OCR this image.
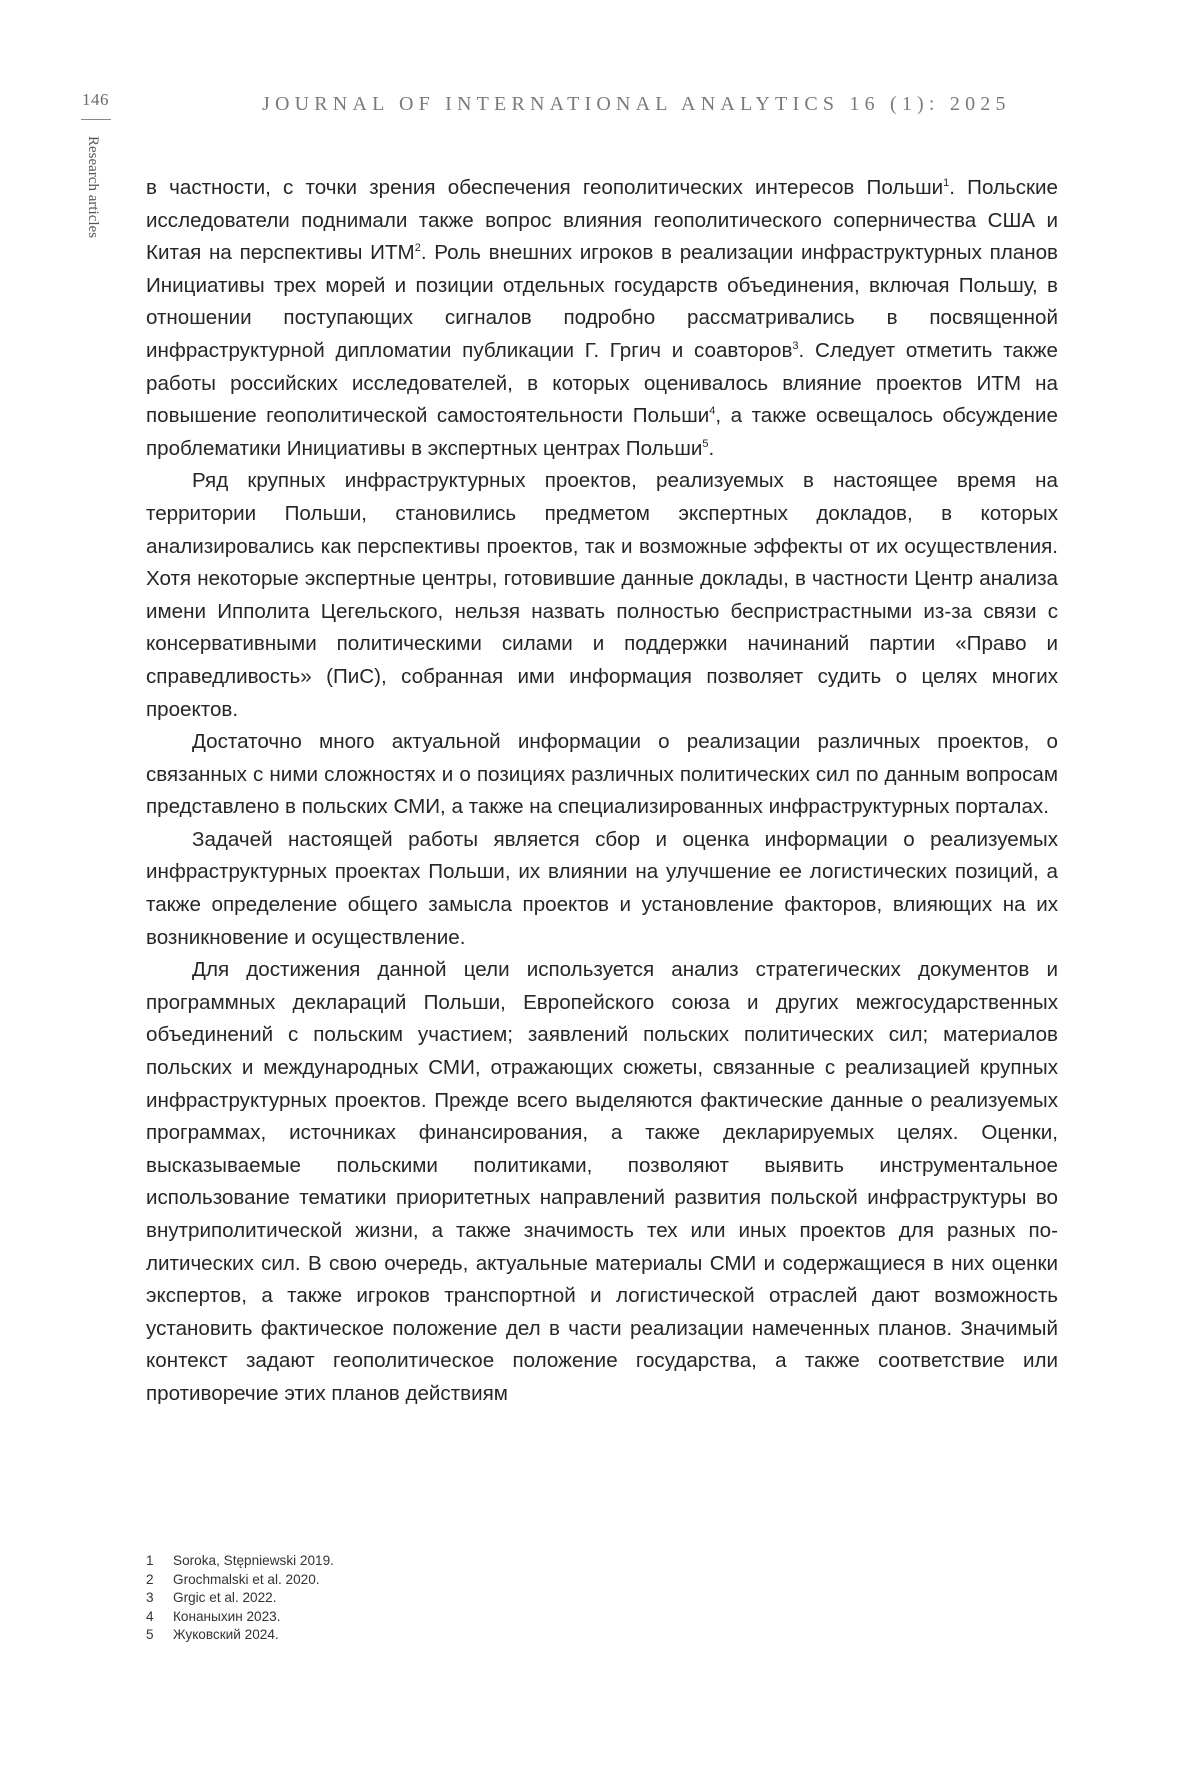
146	JOURNAL OF INTERNATIONAL ANALYTICS 16 (1): 2025
Research articles в частности, с точки зрения обеспечения геополитических интересов Польши$^1$. Польские исследователи поднимали также вопрос влияния геополитического соперничества США и Китая на перспективы ИТМ$^2$. Роль внешних игроков в реализации инфраструктурных планов Инициативы трех морей и позиции отдельных государств объединения, включая Польшу, в отношении поступающих сигналов подробно рассматривались в посвященной инфраструктурной дипломатии публикации Г. Гргич и соавторов$^3$. Следует отметить также работы российских исследователей, в которых оценивалось влияние проектов ИТМ на повышение геополитической самостоятельности Польши$^4$, а также освещалось обсуждение проблематики Инициативы в экспертных центрах Польши$^5$.

Ряд крупных инфраструктурных проектов, реализуемых в настоящее время на территории Польши, становились предметом экспертных докладов, в которых анализировались как перспективы проектов, так и возможные эффекты от их осуществления. Хотя некоторые экспертные центры, готовившие данные доклады, в частности Центр анализа имени Ипполита Цегельского, нельзя назвать полностью беспристрастными из-за связи с консервативными политическими силами и поддержки начинаний партии «Право и справедливость» (ПиС), собранная ими информация позволяет судить о целях многих проектов.

Достаточно много актуальной информации о реализации различных проектов, о связанных с ними сложностях и о позициях различных политических сил по данным вопросам представлено в польских СМИ, а также на специализированных инфраструктурных порталах.

Задачей настоящей работы является сбор и оценка информации о реализуемых инфраструктурных проектах Польши, их влиянии на улучшение ее логистических позиций, а также определение общего замысла проектов и установление факторов, влияющих на их возникновение и осуществление.

Для достижения данной цели используется анализ стратегических документов и программных деклараций Польши, Европейского союза и других межгосударственных объединений с польским участием; заявлений польских политических сил; материалов польских и международных СМИ, отражающих сюжеты, связанные с реализацией крупных инфраструктурных проектов. Прежде всего выделяются фактические данные о реализуемых программах, источниках финансирования, а также декларируемых целях. Оценки, высказываемые польскими политиками, позволяют выявить инструментальное использование тематики приоритетных направлений развития польской инфраструктуры во внутриполитической жизни, а также значимость тех или иных проектов для разных политических сил. В свою очередь, актуальные материалы СМИ и содержащиеся в них оценки экспертов, а также игроков транспортной и логистической отраслей дают возможность установить фактическое положение дел в части реализации намеченных планов. Значимый контекст задают геополитическое положение государства, а также соответствие или противоречие этих планов действиям

1	Soroka, Stępniewski 2019.
2	Grochmalski et al. 2020.
3	Grgic et al. 2022.
4	Конаныхин 2023.
5	Жуковский 2024.
